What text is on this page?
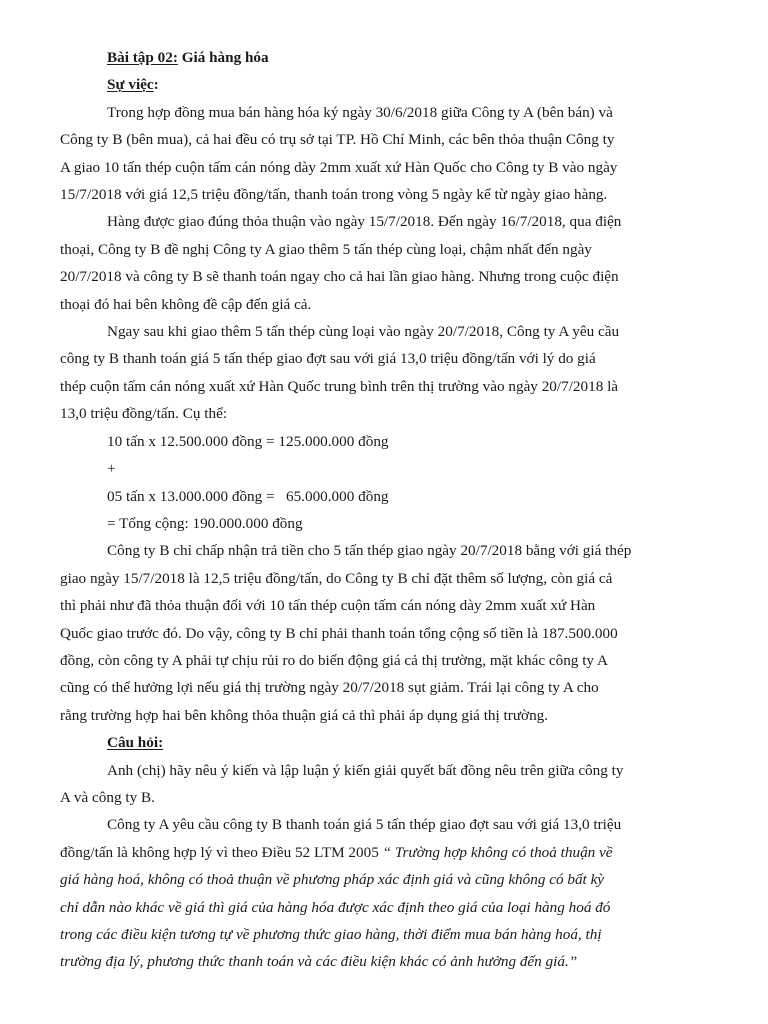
Bài tập 02: Giá hàng hóa
Sự việc:
Trong hợp đồng mua bán hàng hóa ký ngày 30/6/2018 giữa Công ty A (bên bán) và
Công ty B (bên mua), cả hai đều có trụ sở tại TP. Hồ Chí Minh, các bên thỏa thuận Công ty
A giao 10 tấn thép cuộn tấm cán nóng dày 2mm xuất xứ Hàn Quốc cho Công ty B vào ngày
15/7/2018 với giá 12,5 triệu đồng/tấn, thanh toán trong vòng 5 ngày kể từ ngày giao hàng.
Hàng được giao đúng thỏa thuận vào ngày 15/7/2018. Đến ngày 16/7/2018, qua điện
thoại, Công ty B đề nghị Công ty A giao thêm 5 tấn thép cùng loại, chậm nhất đến ngày
20/7/2018 và công ty B sẽ thanh toán ngay cho cả hai lần giao hàng. Nhưng trong cuộc điện
thoại đó hai bên không đề cập đến giá cả.
Ngay sau khi giao thêm 5 tấn thép cùng loại vào ngày 20/7/2018, Công ty A yêu cầu
công ty B thanh toán giá 5 tấn thép giao đợt sau với giá 13,0 triệu đồng/tấn với lý do giá
thép cuộn tấm cán nóng xuất xứ Hàn Quốc trung bình trên thị trường vào ngày 20/7/2018 là
13,0 triệu đồng/tấn. Cụ thể:
10 tấn x 12.500.000 đồng = 125.000.000 đồng
+
05 tấn x 13.000.000 đồng =   65.000.000 đồng
= Tổng cộng: 190.000.000 đồng
Công ty B chỉ chấp nhận trả tiền cho 5 tấn thép giao ngày 20/7/2018 bằng với giá thép
giao ngày 15/7/2018 là 12,5 triệu đồng/tấn, do Công ty B chỉ đặt thêm số lượng, còn giá cả
thì phải như đã thỏa thuận đối với 10 tấn thép cuộn tấm cán nóng dày 2mm xuất xứ Hàn
Quốc giao trước đó. Do vậy, công ty B chỉ phải thanh toán tổng cộng số tiền là 187.500.000
đồng, còn công ty A phải tự chịu rủi ro do biến động giá cả thị trường, mặt khác công ty A
cũng có thể hưởng lợi nếu giá thị trường ngày 20/7/2018 sụt giảm. Trái lại công ty A cho
rằng trường hợp hai bên không thỏa thuận giá cả thì phải áp dụng giá thị trường.
Câu hỏi:
Anh (chị) hãy nêu ý kiến và lập luận ý kiến giải quyết bất đồng nêu trên giữa công ty
A và công ty B.
Công ty A yêu cầu công ty B thanh toán giá 5 tấn thép giao đợt sau với giá 13,0 triệu
đồng/tấn là không hợp lý vì theo Điều 52 LTM 2005 “ Trường hợp không có thoả thuận về
giá hàng hoá, không có thoả thuận về phương pháp xác định giá và cũng không có bất kỳ
chỉ dẫn nào khác về giá thì giá của hàng hóa được xác định theo giá của loại hàng hoá đó
trong các điều kiện tương tự về phương thức giao hàng, thời điểm mua bán hàng hoá, thị
trường địa lý, phương thức thanh toán và các điều kiện khác có ảnh hưởng đến giá.”
